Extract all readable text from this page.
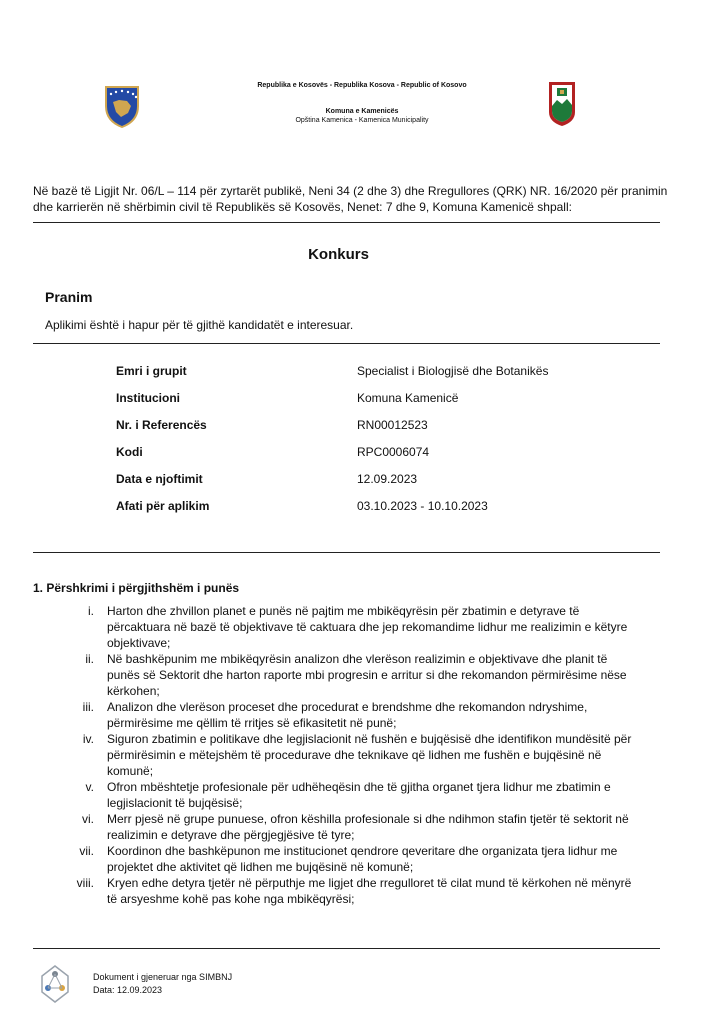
Republika e Kosovës - Republika Kosova - Republic of Kosovo
Komuna e Kamenicës
Opština Kamenica - Kamenica Municipality
Në bazë të Ligjit Nr. 06/L – 114 për zyrtarët publikë, Neni 34 (2 dhe 3) dhe Rregullores (QRK) NR. 16/2020 për pranimin dhe karrierën në shërbimin civil të Republikës së Kosovës, Nenet: 7 dhe 9, Komuna Kamenicë shpall:
Konkurs
Pranim
Aplikimi është i hapur për të gjithë kandidatët e interesuar.
Emri i grupit	Specialist i Biologjisë dhe Botanikës
Institucioni	Komuna Kamenicë
Nr. i Referencës	RN00012523
Kodi	RPC0006074
Data e njoftimit	12.09.2023
Afati për aplikim	03.10.2023 - 10.10.2023
1. Përshkrimi i përgjithshëm i punës
i. Harton dhe zhvillon planet e punës në pajtim me mbikëqyrësin për zbatimin e detyrave të përcaktuara në bazë të objektivave të caktuara dhe jep rekomandime lidhur me realizimin e këtyre objektivave;
ii. Në bashkëpunim me mbikëqyrësin analizon dhe vlerëson realizimin e objektivave dhe planit të punës së Sektorit dhe harton raporte mbi progresin e arritur si dhe rekomandon përmirësime nëse kërkohen;
iii. Analizon dhe vlerëson proceset dhe procedurat e brendshme dhe rekomandon ndryshime, përmirësime me qëllim të rritjes së efikasitetit në punë;
iv. Siguron zbatimin e politikave dhe legjislacionit në fushën e bujqësisë dhe identifikon mundësitë për përmirësimin e mëtejshëm të procedurave dhe teknikave që lidhen me fushën e bujqësinë në komunë;
v. Ofron mbështetje profesionale për udhëheqësin dhe të gjitha organet tjera lidhur me zbatimin e legjislacionit të bujqësisë;
vi. Merr pjesë në grupe punuese, ofron këshilla profesionale si dhe ndihmon stafin tjetër të sektorit në realizimin e detyrave dhe përgjegjësive të tyre;
vii. Koordinon dhe bashkëpunon me institucionet qendrore qeveritare dhe organizata tjera lidhur me projektet dhe aktivitet që lidhen me bujqësinë në komunë;
viii. Kryen edhe detyra tjetër në përputhje me ligjet dhe rregulloret të cilat mund të kërkohen në mënyrë të arsyeshme kohë pas kohe nga mbikëqyrësi;
Dokument i gjeneruar nga SIMBNJ
Data: 12.09.2023
